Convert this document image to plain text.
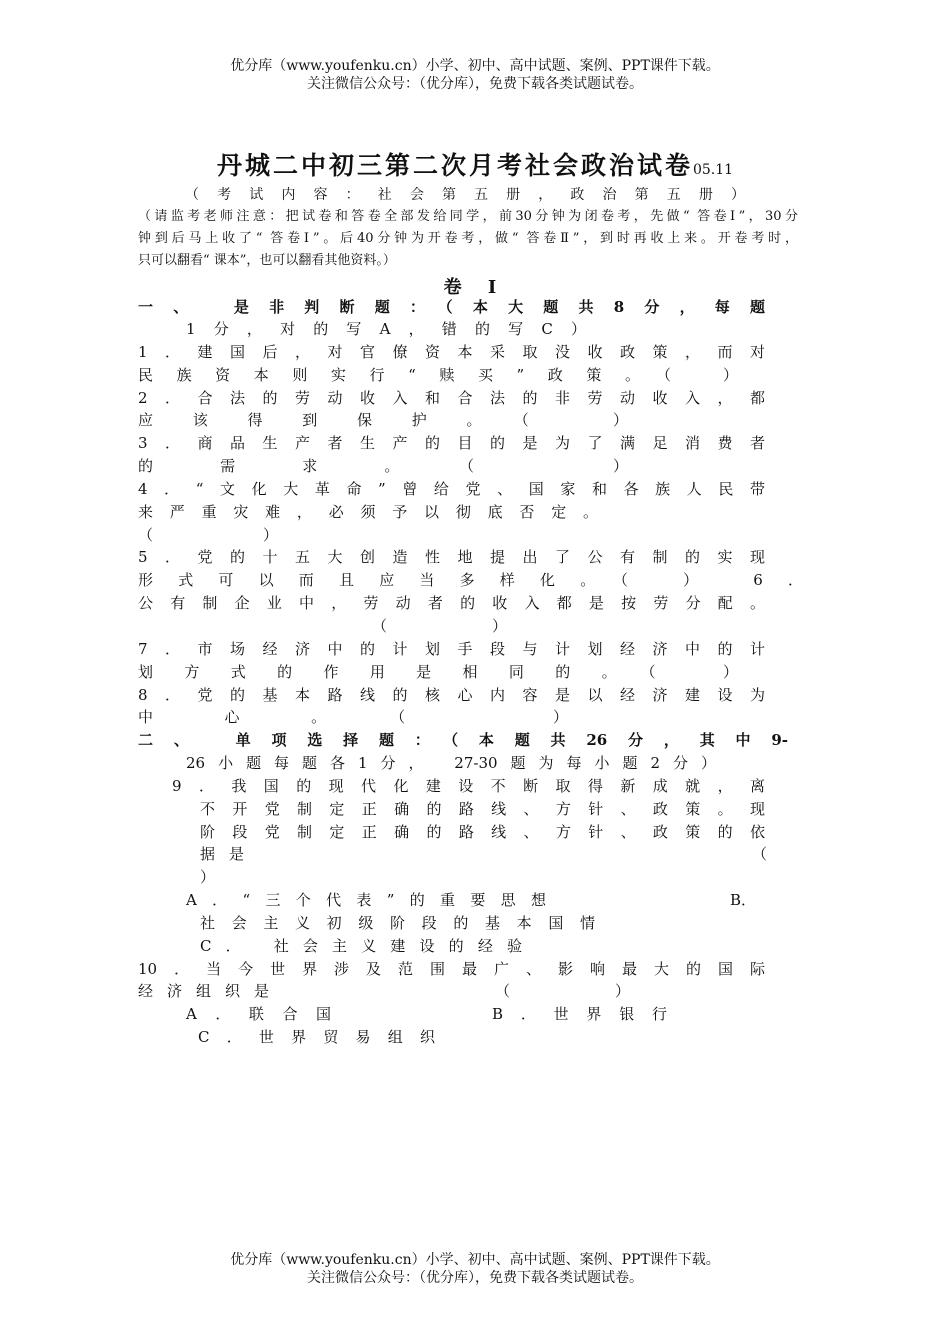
优分库（www.youfenku.cn）小学、初中、高中试题、案例、PPT课件下载。
关注微信公众号：（优分库），免费下载各类试题试卷。
丹城二中初三第二次月考社会政治试卷05.11
（考试内容：社会第五册，政治第五册）
（请监考老师注意：把试卷和答卷全部发给同学，前30分钟为闭卷考，先做“ 答卷Ⅰ”，30分
钟到后马上收了“ 答卷Ⅰ”。后40分钟为开卷考，做“ 答卷Ⅱ”，到时再收上来。开卷考时，
只可以翻看“ 课本”，也可以翻看其他资料。）
卷 Ⅰ
一、 是非判断题：（本大题共8分，每题
1分，对的写A，错的写C）
1．建国后，对官僚资本采取没收政策，而对
民族资本则实行“赎买”政策。（ ）
2．合法的劳动收入和合法的非劳动收入，都
应该得到保护。（ ）
3．商品生产者生产的目的是为了满足消费者
的需求。（ ）
4．“文化大革命”曾给党、国家和各族人民带
来严重灾难，必须予以彻底否定。
（ ）
5．党的十五大创造性地提出了公有制的实现
形式可以而且应当多样化。（ ） 6．
公有制企业中，劳动者的收入都是按劳分配。
（ ）
7．市场经济中的计划手段与计划经济中的计
划方式的作用是相同的。（ ）
8．党的基本路线的核心内容是以经济建设为
中心。（ ）
二、 单项选择题：（本题共26分，其中9-
26小题每题各1分， 27-30题为每小题2分）
9．我国的现代化建设不断取得新成就，离
不开党制定正确的路线、方针、政策。现
阶段党制定正确的路线、方针、政策的依
据是	（
）
A．“三个代表”的重要思想	B．
社会主义初级阶段的基本国情
C． 社会主义建设的经验
10．当今世界涉及范围最广、影响最大的国际
经济组织是	（ ）
A．联合国	B．世界银行
C．世界贸易组织
优分库（www.youfenku.cn）小学、初中、高中试题、案例、PPT课件下载。
关注微信公众号：（优分库），免费下载各类试题试卷。
